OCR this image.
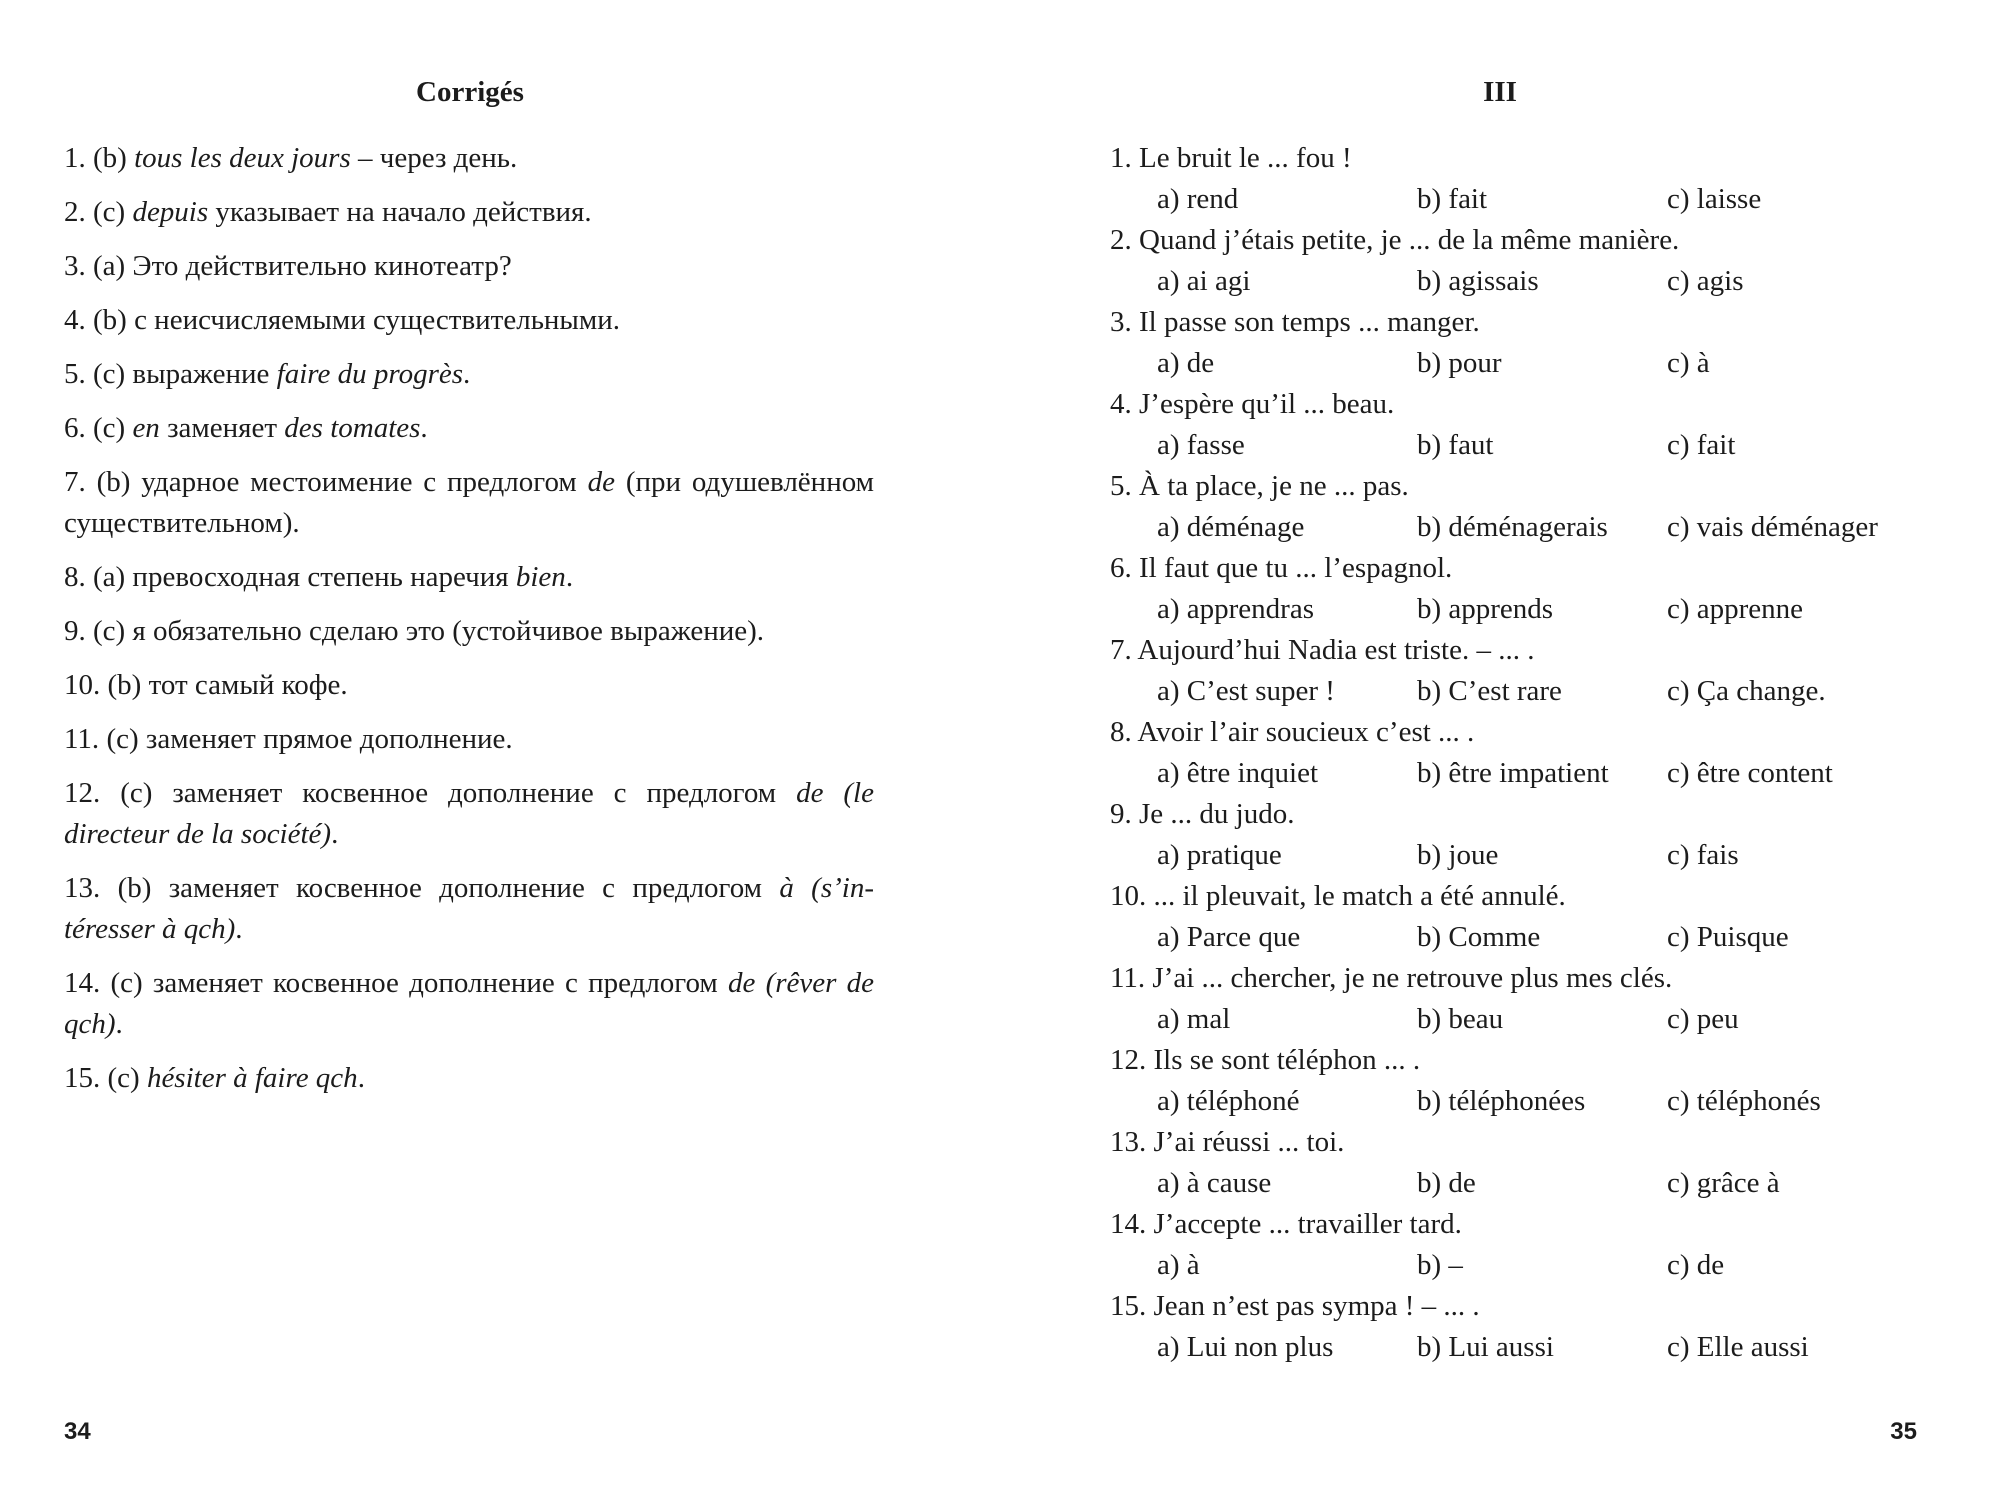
Corrigés

1. (b) tous les deux jours – через день.

2. (c) depuis указывает на начало действия.

3. (a) Это действительно кинотеатр?

4. (b) с неисчисляемыми существительными.

5. (c) выражение faire du progrès.

6. (c) en заменяет des tomates.

7. (b) ударное местоимение с предлогом de (при одушевлённом существительном).

8. (a) превосходная степень наречия bien.

9. (c) я обязательно сделаю это (устойчивое выражение).

10. (b) тот самый кофе.

11. (c) заменяет прямое дополнение.

12. (c) заменяет косвенное дополнение с предлогом de (le directeur de la société).

13. (b) заменяет косвенное дополнение с предлогом à (s’intéresser à qch).

14. (c) заменяет косвенное дополнение с предлогом de (rêver de qch).

15. (c) hésiter à faire qch.

34
III
1. Le bruit le ... fou !
a) rend	b) fait	c) laisse
2. Quand j’étais petite, je ... de la même manière.
a) ai agi	b) agissais	c) agis
3. Il passe son temps ... manger.
a) de	b) pour	c) à
4. J’espère qu’il ... beau.
a) fasse	b) faut	c) fait
5. À ta place, je ne ... pas.
a) déménage	b) déménagerais c) vais déménager
6. Il faut que tu ... l’espagnol.
a) apprendras	b) apprends	c) apprenne
7. Aujourd’hui Nadia est triste. – ... .
a) C’est super !	b) C’est rare	c) Ça change.
8. Avoir l’air soucieux c’est ... .
a) être inquiet	b) être impatient c) être content
9. Je ... du judo.
a) pratique	b) joue	c) fais
10. ... il pleuvait, le match a été annulé.
a) Parce que	b) Comme	c) Puisque
11. J’ai ... chercher, je ne retrouve plus mes clés.
a) mal	b) beau	c) peu
12. Ils se sont téléphon ... .
a) téléphoné	b) téléphonées	c) téléphonés
13. J’ai réussi ... toi.
a) à cause	b) de	c) grâce à
14. J’accepte ... travailler tard.
a) à	b) –	c) de
15. Jean n’est pas sympa ! – ... .
a) Lui non plus	b) Lui aussi	c) Elle aussi
35
